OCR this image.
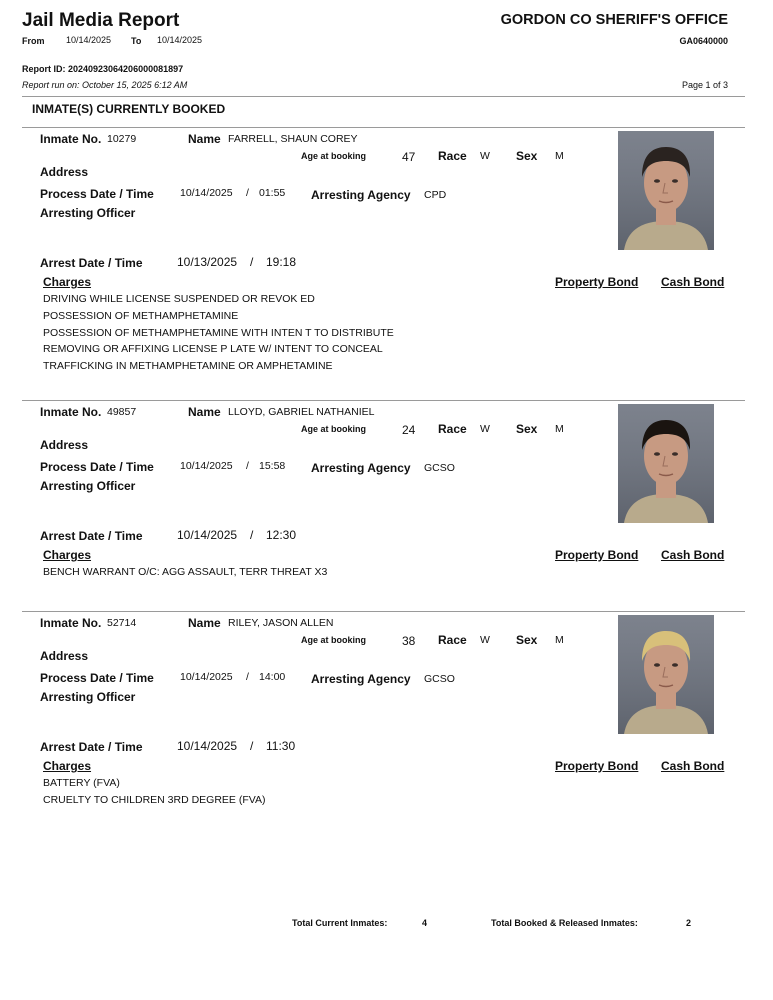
Jail Media Report	GORDON CO SHERIFF'S OFFICE
From 10/14/2025 To 10/14/2025	GA0640000
Report ID: 20240923064206000081897
Report run on: October 15, 2025 6:12 AM	Page 1 of 3
INMATE(S) CURRENTLY BOOKED
Inmate No. 10279	Name FARRELL, SHAUN COREY
Age at booking	47 Race W Sex M
Address
Process Date / Time 10/14/2025 / 01:55 Arresting Agency CPD
Arresting Officer
Arrest Date / Time	10/13/2025 / 19:18
Charges	Property Bond Cash Bond
DRIVING WHILE LICENSE SUSPENDED OR REVOK ED
POSSESSION OF METHAMPHETAMINE
POSSESSION OF METHAMPHETAMINE WITH INTEN T TO DISTRIBUTE
REMOVING OR AFFIXING LICENSE P LATE W/ INTENT TO CONCEAL
TRAFFICKING IN METHAMPHETAMINE OR AMPHETAMINE
Inmate No. 49857	Name LLOYD, GABRIEL NATHANIEL
Age at booking	24 Race W Sex M
Address
Process Date / Time 10/14/2025 / 15:58 Arresting Agency GCSO
Arresting Officer
Arrest Date / Time	10/14/2025 / 12:30
Charges	Property Bond Cash Bond
BENCH WARRANT O/C: AGG ASSAULT, TERR THREAT X3
Inmate No. 52714	Name RILEY, JASON ALLEN
Age at booking	38 Race W Sex M
Address
Process Date / Time 10/14/2025 / 14:00 Arresting Agency GCSO
Arresting Officer
Arrest Date / Time	10/14/2025 / 11:30
Charges	Property Bond Cash Bond
BATTERY (FVA)
CRUELTY TO CHILDREN 3RD DEGREE (FVA)
Total Current Inmates:	4	Total Booked & Released Inmates:	2
